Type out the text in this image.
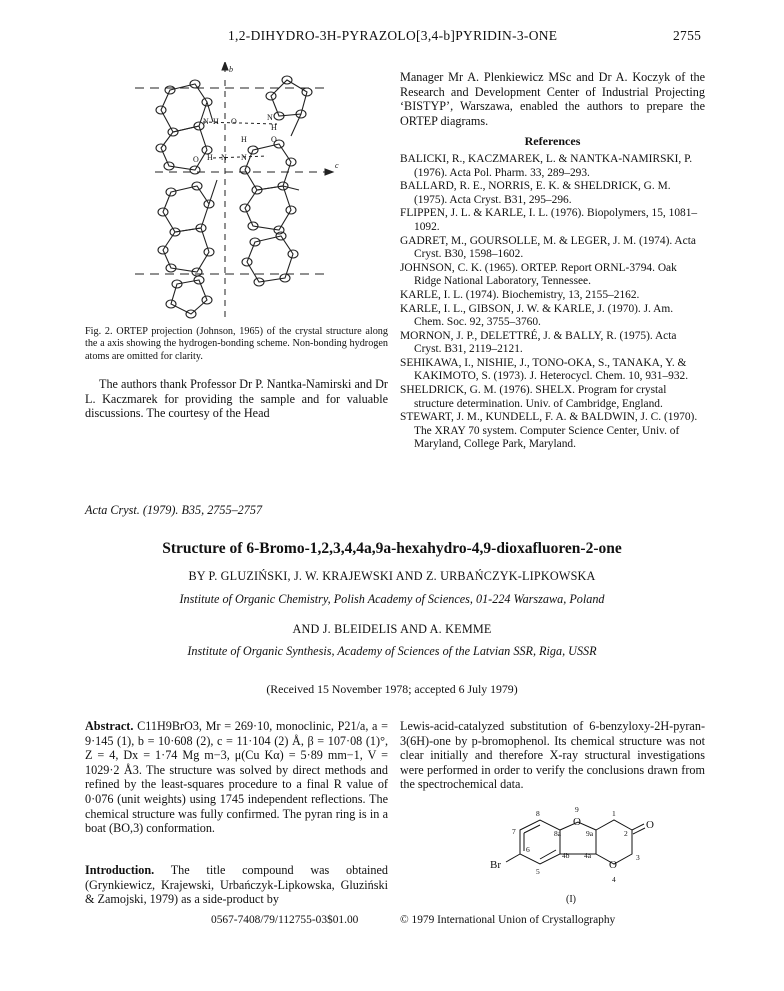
1,2-DIHYDRO-3H-PYRAZOLO[3,4-b]PYRIDIN-3-ONE	2755
b
c
N H O	N
H
H	O
O H N N
Fig. 2. ORTEP projection (Johnson, 1965) of the crystal structure along the a axis showing the hydrogen-bonding scheme. Non-bonding hydrogen atoms are omitted for clarity.
The authors thank Professor Dr P. Nantka-Namirski and Dr L. Kaczmarek for providing the sample and for valuable discussions. The courtesy of the Head

Manager Mr A. Plenkiewicz MSc and Dr A. Koczyk of the Research and Development Center of Industrial Projecting ‘BISTYP’, Warszawa, enabled the authors to prepare the ORTEP diagrams.

References

BALICKI, R., KACZMAREK, L. & NANTKA-NAMIRSKI, P. (1976). Acta Pol. Pharm. 33, 289–293.

BALLARD, R. E., NORRIS, E. K. & SHELDRICK, G. M. (1975). Acta Cryst. B31, 295–296.

FLIPPEN, J. L. & KARLE, I. L. (1976). Biopolymers, 15, 1081–1092.

GADRET, M., GOURSOLLE, M. & LEGER, J. M. (1974). Acta Cryst. B30, 1598–1602.

JOHNSON, C. K. (1965). ORTEP. Report ORNL-3794. Oak Ridge National Laboratory, Tennessee.

KARLE, I. L. (1974). Biochemistry, 13, 2155–2162.

KARLE, I. L., GIBSON, J. W. & KARLE, J. (1970). J. Am. Chem. Soc. 92, 3755–3760.

MORNON, J. P., DELETTRÉ, J. & BALLY, R. (1975). Acta Cryst. B31, 2119–2121.

SEHIKAWA, I., NISHIE, J., TONO-OKA, S., TANAKA, Y. & KAKIMOTO, S. (1973). J. Heterocycl. Chem. 10, 931–932.

SHELDRICK, G. M. (1976). SHELX. Program for crystal structure determination. Univ. of Cambridge, England.

STEWART, J. M., KUNDELL, F. A. & BALDWIN, J. C. (1970). The XRAY 70 system. Computer Science Center, Univ. of Maryland, College Park, Maryland.

Acta Cryst. (1979). B35, 2755–2757
Structure of 6-Bromo-1,2,3,4,4a,9a-hexahydro-4,9-dioxafluoren-2-one
BY P. GLUZIŃSKI, J. W. KRAJEWSKI AND Z. URBAŃCZYK-LIPKOWSKA
Institute of Organic Chemistry, Polish Academy of Sciences, 01-224 Warszawa, Poland
AND J. BLEIDELIS AND A. KEMME
Institute of Organic Synthesis, Academy of Sciences of the Latvian SSR, Riga, USSR
(Received 15 November 1978; accepted 6 July 1979)
Abstract. C11H9BrO3, Mr = 269·10, monoclinic, P21/a, a = 9·145 (1), b = 10·608 (2), c = 11·104 (2) Å, β = 107·08 (1)°, Z = 4, Dx = 1·74 Mg m−3, μ(Cu Kα) = 5·89 mm−1, V = 1029·2 Å3. The structure was solved by direct methods and refined by the least-squares procedure to a final R value of 0·076 (unit weights) using 1745 independent reflections. The chemical structure was fully confirmed. The pyran ring is in a boat (BO,3) conformation.
Introduction. The title compound was obtained (Grynkiewicz, Krajewski, Urbańczyk-Lipkowska, Gluziński & Zamojski, 1979) as a side-product by
Lewis-acid-catalyzed substitution of 6-benzyloxy-2H-pyran-3(6H)-one by p-bromophenol. Its chemical structure was not clear initially and therefore X-ray structural investigations were performed in order to verify the conclusions drawn from the spectrochemical data.
Br
O
O
O
1
2
3
4
4a
4b
5
6
7
8
8a
9
9a
(I)
0567-7408/79/112755-03$01.00	© 1979 International Union of Crystallography
